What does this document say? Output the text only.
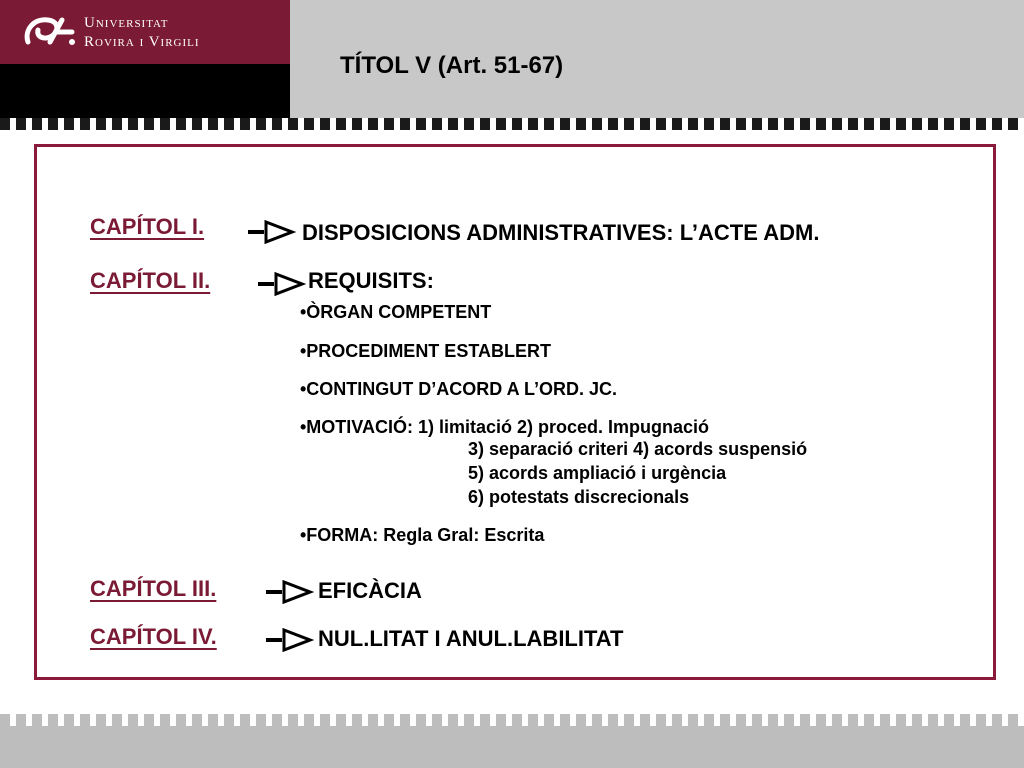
Universitat
Rovira i Virgili
TÍTOL V (Art. 51-67)
CAPÍTOL I.	DISPOSICIONS ADMINISTRATIVES: L’ACTE ADM.
CAPÍTOL II.	REQUISITS:
•ÒRGAN COMPETENT
•PROCEDIMENT ESTABLERT
•CONTINGUT D’ACORD A L’ORD. JC.
•MOTIVACIÓ: 1) limitació 2) proced. Impugnació
3) separació criteri 4) acords suspensió
5) acords ampliació i urgència
6) potestats discrecionals
•FORMA: Regla Gral: Escrita
CAPÍTOL III.	EFICÀCIA
CAPÍTOL IV.	NUL.LITAT I ANUL.LABILITAT
